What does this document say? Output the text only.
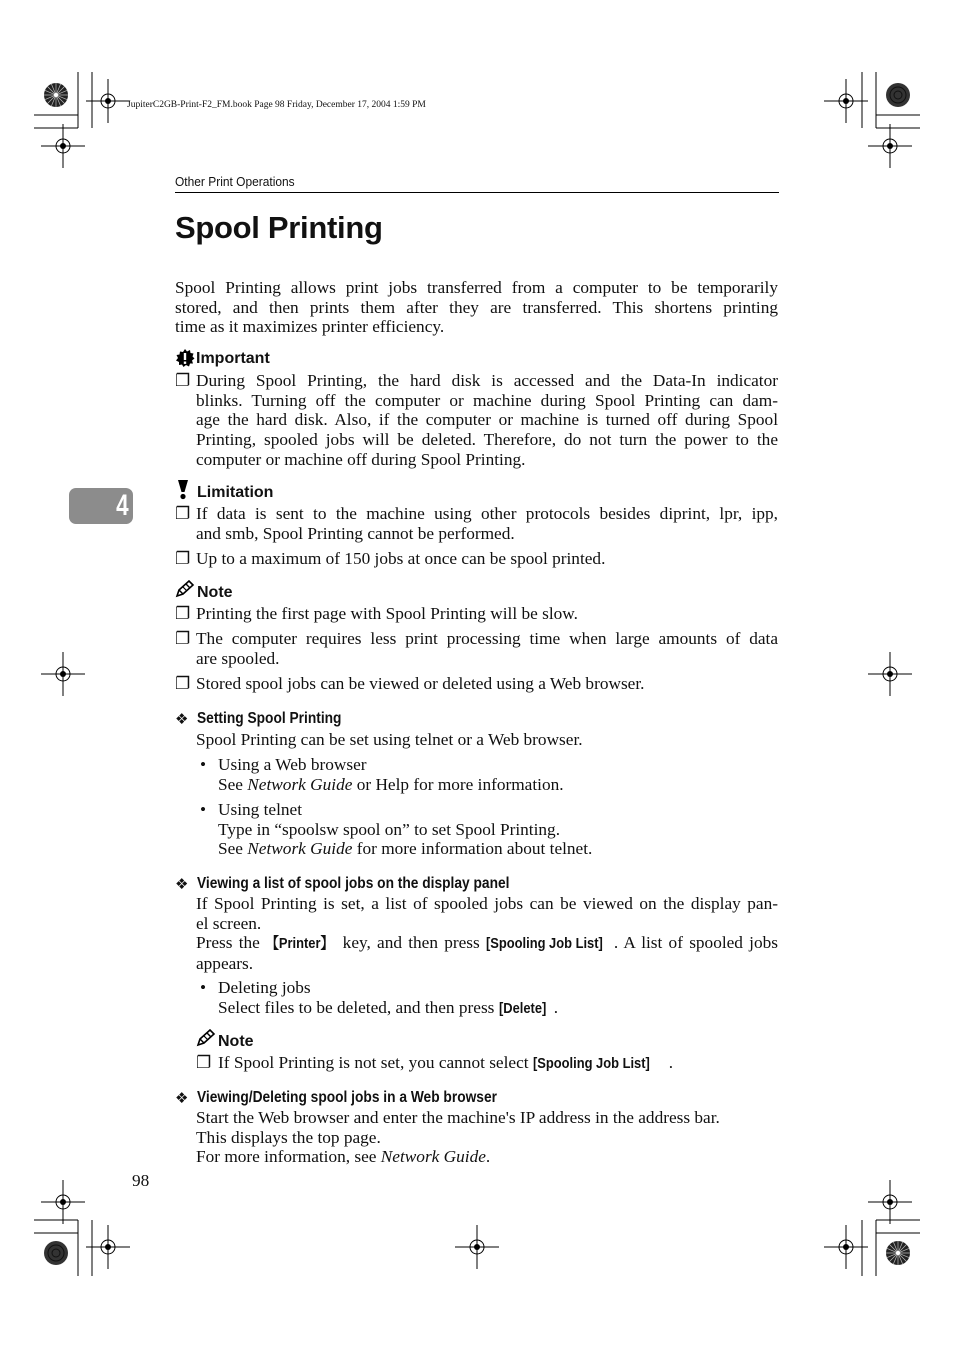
JupiterC2GB-Print-F2_FM.book Page 98 Friday, December 17, 2004 1:59 PM
Other Print Operations
Spool Printing
4
Spool Printing allows print jobs transferred from a computer to be temporarily
stored, and then prints them after they are transferred. This shortens printing
time as it maximizes printer efficiency.
Important
❐ During Spool Printing, the hard disk is accessed and the Data-In indicator
blinks. Turning off the computer or machine during Spool Printing can dam-
age the hard disk. Also, if the computer or machine is turned off during Spool
Printing, spooled jobs will be deleted. Therefore, do not turn the power to the
computer or machine off during Spool Printing.
Limitation
❐ If data is sent to the machine using other protocols besides diprint, lpr, ipp,
and smb, Spool Printing cannot be performed.
❐ Up to a maximum of 150 jobs at once can be spool printed.
Note
❐ Printing the first page with Spool Printing will be slow.
❐ The computer requires less print processing time when large amounts of data
are spooled.
❐ Stored spool jobs can be viewed or deleted using a Web browser.
❖ Setting Spool Printing
Spool Printing can be set using telnet or a Web browser.
• Using a Web browser
See Network Guide or Help for more information.
• Using telnet
Type in “spoolsw spool on” to set Spool Printing.
See Network Guide for more information about telnet.
❖ Viewing a list of spool jobs on the display panel
If Spool Printing is set, a list of spooled jobs can be viewed on the display pan-
el screen.
Press the 【Printer】 key, and then press [Spooling Job List] . A list of spooled jobs
appears.
• Deleting jobs
Select files to be deleted, and then press [Delete] .
Note
❐ If Spool Printing is not set, you cannot select [Spooling Job List] .
❖ Viewing/Deleting spool jobs in a Web browser
Start the Web browser and enter the machine's IP address in the address bar.
This displays the top page.
For more information, see Network Guide.
98
